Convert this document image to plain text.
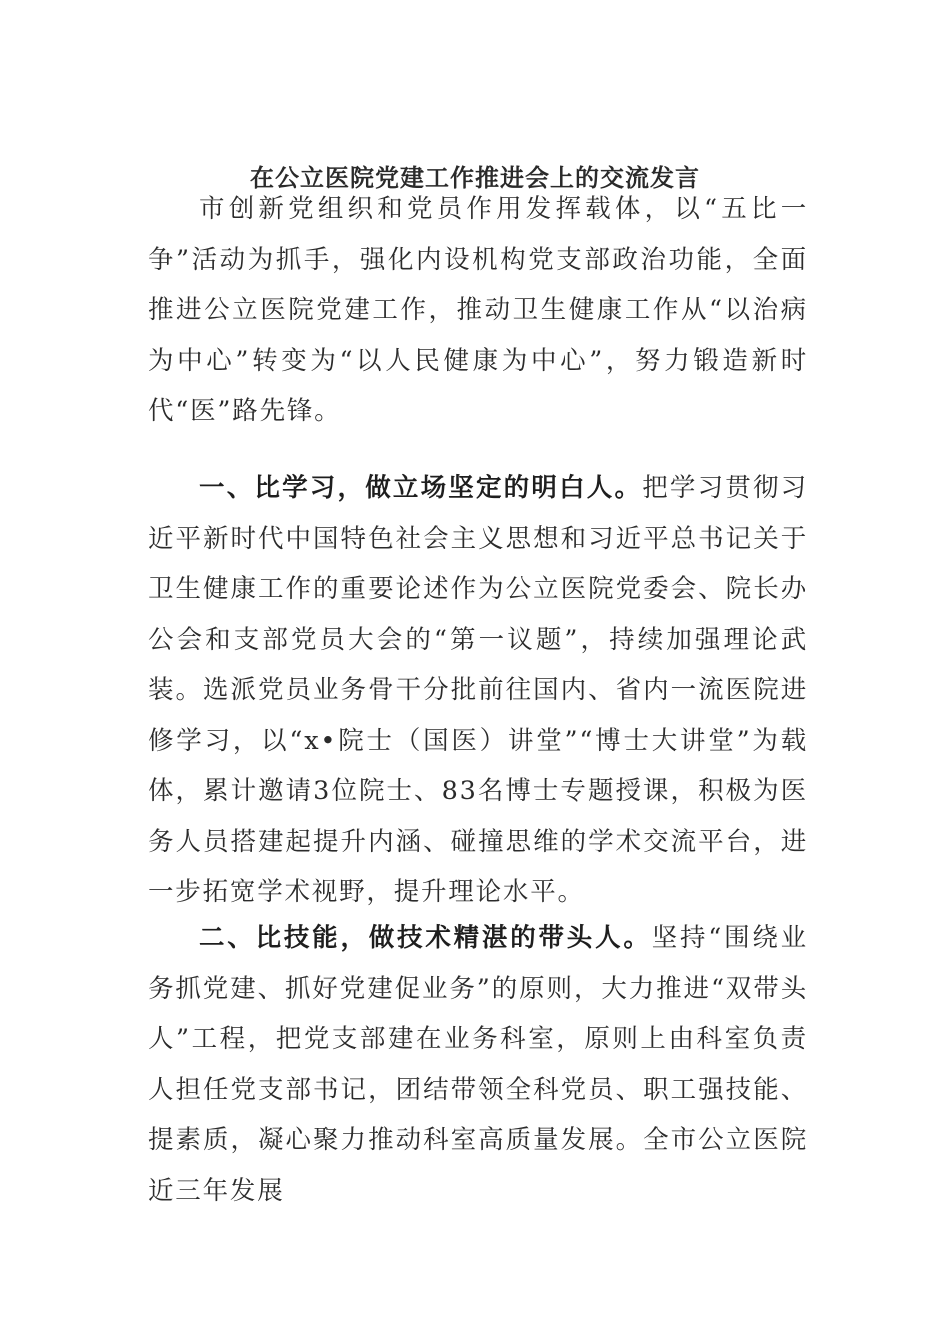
在公立医院党建工作推进会上的交流发言

市创新党组织和党员作用发挥载体，以“五比一争”活动为抓手，强化内设机构党支部政治功能，全面推进公立医院党建工作，推动卫生健康工作从“以治病为中心”转变为“以人民健康为中心”，努力锻造新时代“医”路先锋。

一、比学习，做立场坚定的明白人。把学习贯彻习近平新时代中国特色社会主义思想和习近平总书记关于卫生健康工作的重要论述作为公立医院党委会、院长办公会和支部党员大会的“第一议题”，持续加强理论武装。选派党员业务骨干分批前往国内、省内一流医院进修学习，以“x•院士（国医）讲堂”“博士大讲堂”为载体，累计邀请3位院士、83名博士专题授课，积极为医务人员搭建起提升内涵、碰撞思维的学术交流平台，进一步拓宽学术视野，提升理论水平。

二、比技能，做技术精湛的带头人。坚持“围绕业务抓党建、抓好党建促业务”的原则，大力推进“双带头人”工程，把党支部建在业务科室，原则上由科室负责人担任党支部书记，团结带领全科党员、职工强技能、提素质，凝心聚力推动科室高质量发展。全市公立医院近三年发展
